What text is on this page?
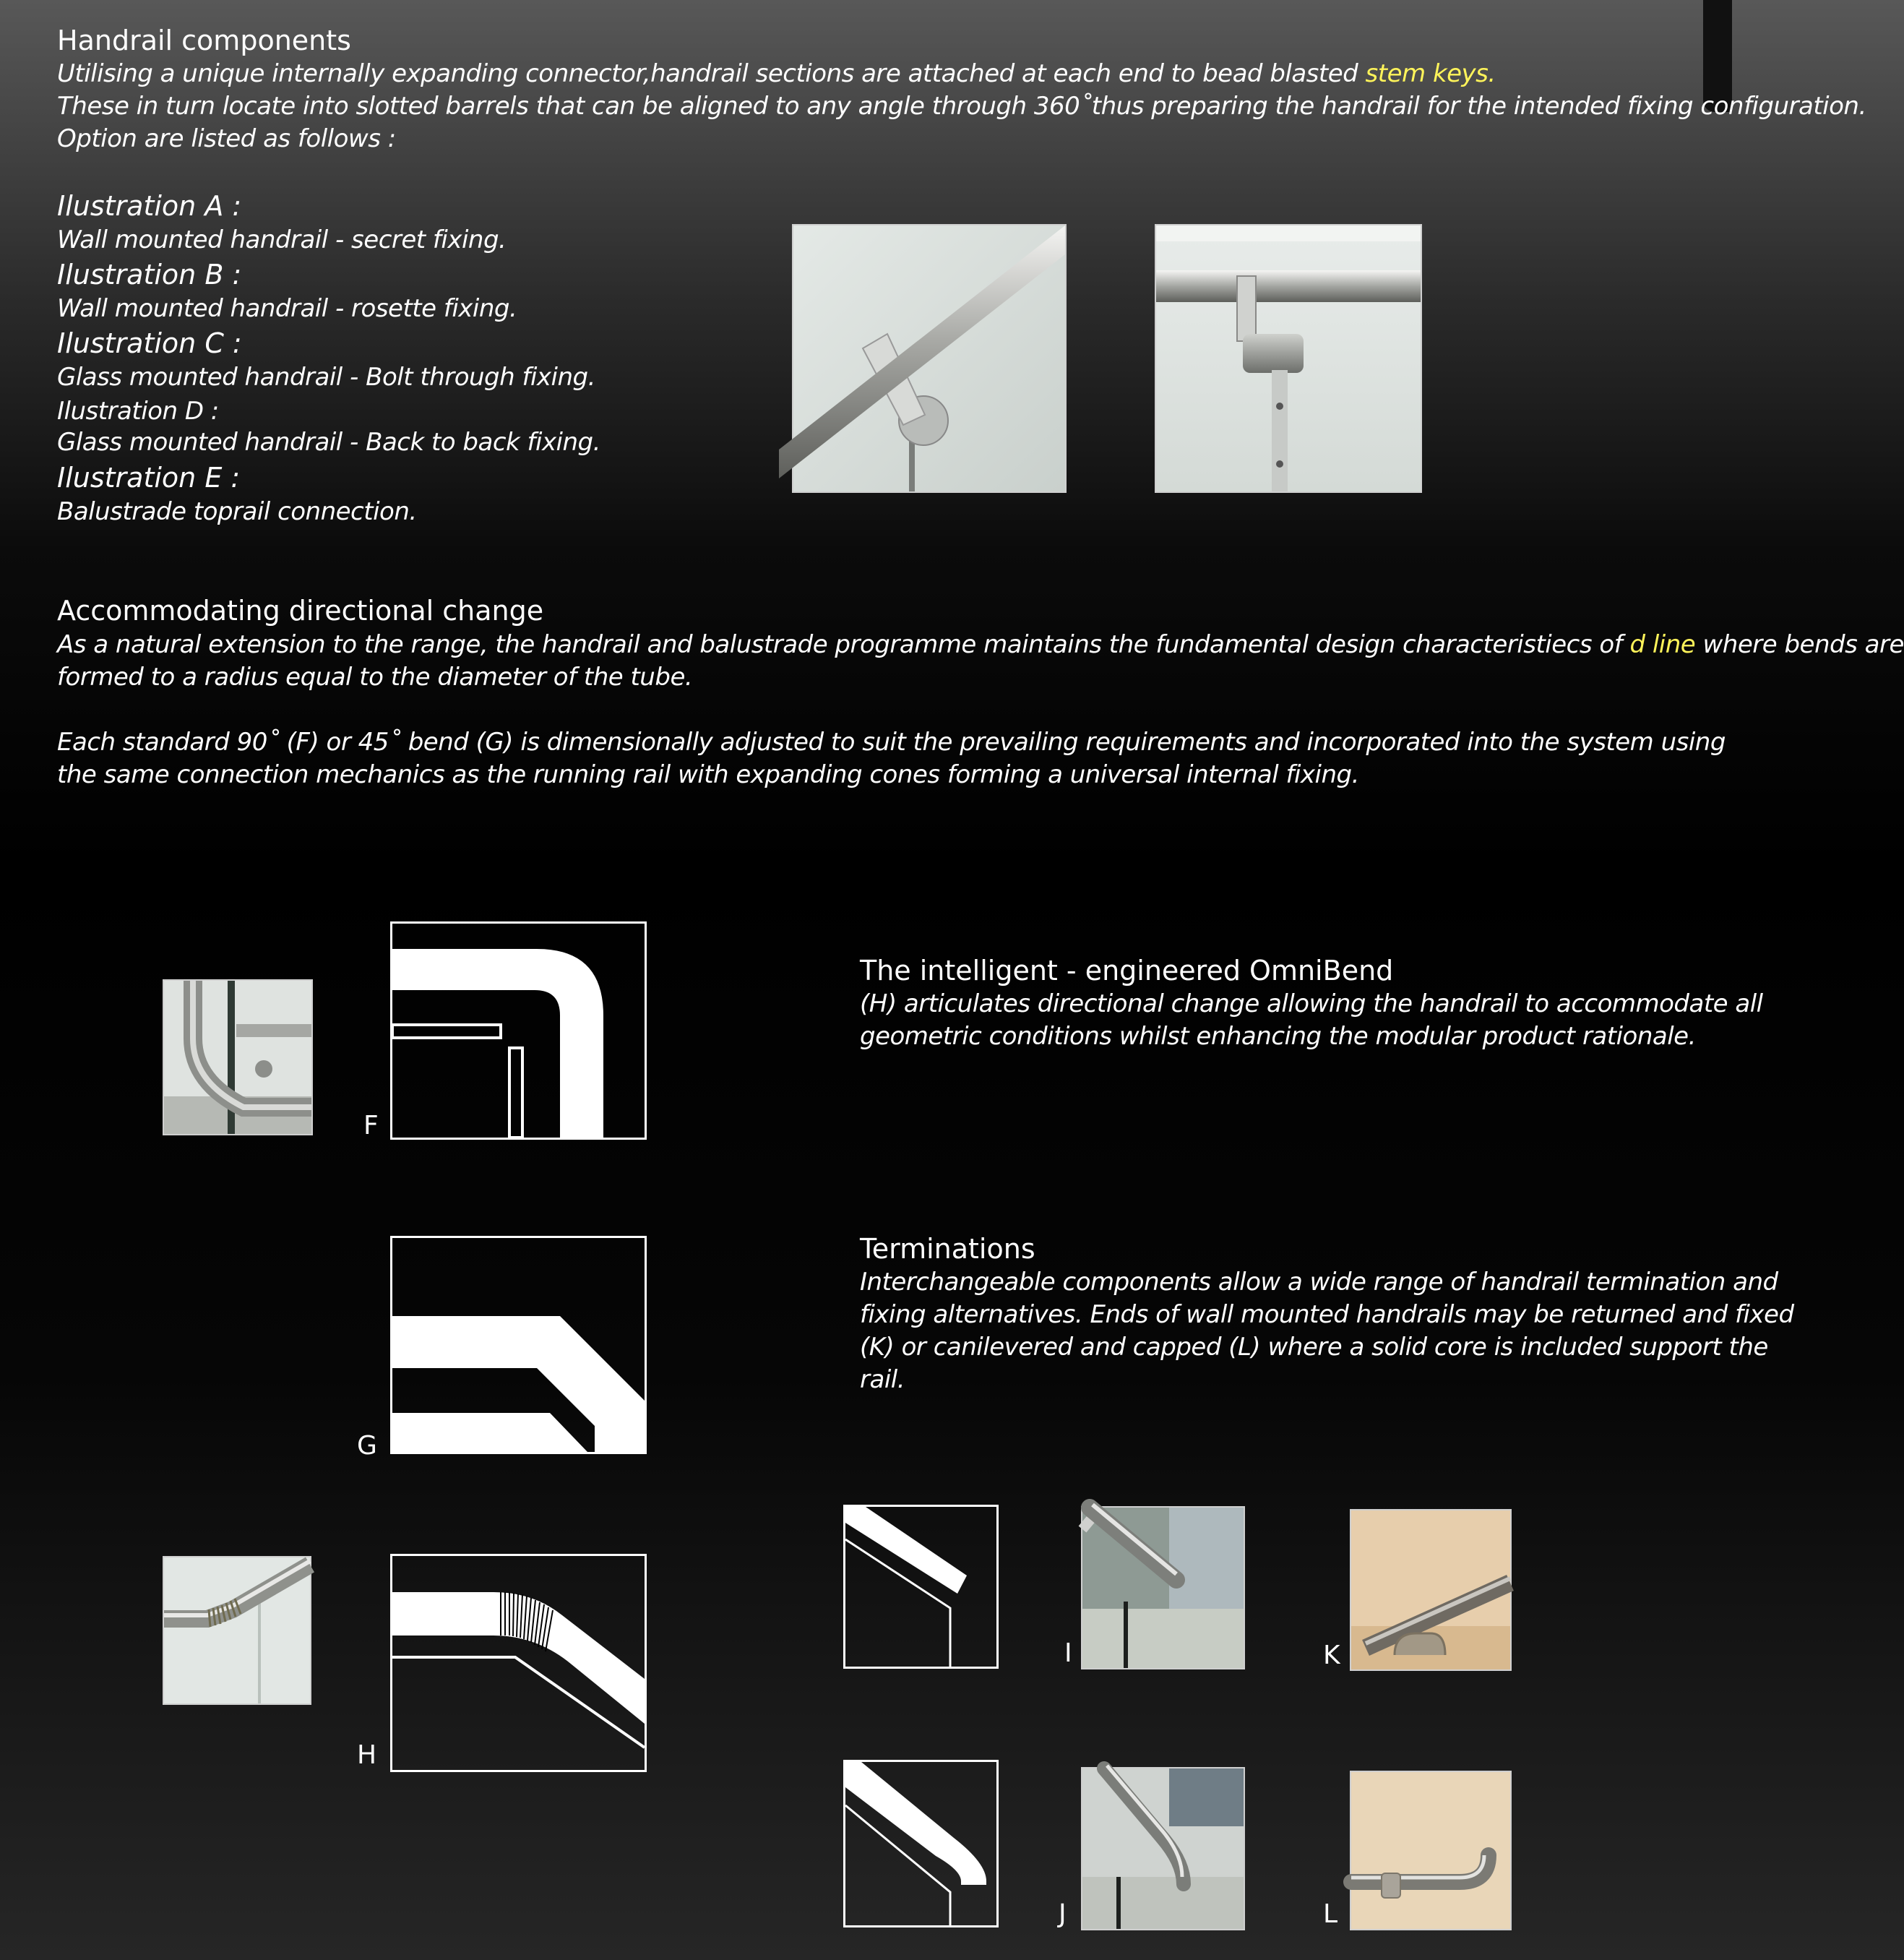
Handrail components
Utilising a unique internally expanding connector,handrail sections are attached at each end to bead blasted stem keys.
These in turn locate into slotted barrels that can be aligned to any angle through 360˚thus preparing the handrail for the intended fixing configuration.
Option are listed as follows :
Ilustration A :
Wall mounted handrail - secret fixing.
Ilustration B :
Wall mounted handrail - rosette fixing.
Ilustration C :
Glass mounted handrail - Bolt through fixing.
Ilustration D :
Glass mounted handrail - Back to back fixing.
Ilustration E :
Balustrade toprail connection.
Accommodating directional change
As a natural extension to the range, the handrail and balustrade programme maintains the fundamental design characteristiecs of d line where bends are
formed to a radius equal to the diameter of the tube.
Each standard 90˚ (F) or 45˚ bend (G) is dimensionally adjusted to suit the prevailing requirements and incorporated into the system using
the same connection mechanics as the running rail with expanding cones forming a universal internal fixing.
F
G
H
The intelligent - engineered OmniBend
(H) articulates directional change allowing the handrail to accommodate all
geometric conditions whilst enhancing the modular product rationale.
Terminations
Interchangeable components allow a wide range of handrail termination and
fixing alternatives. Ends of wall mounted handrails may be returned and fixed
(K) or canilevered and capped (L) where a solid core is included support the
rail.
I	K
J	L
